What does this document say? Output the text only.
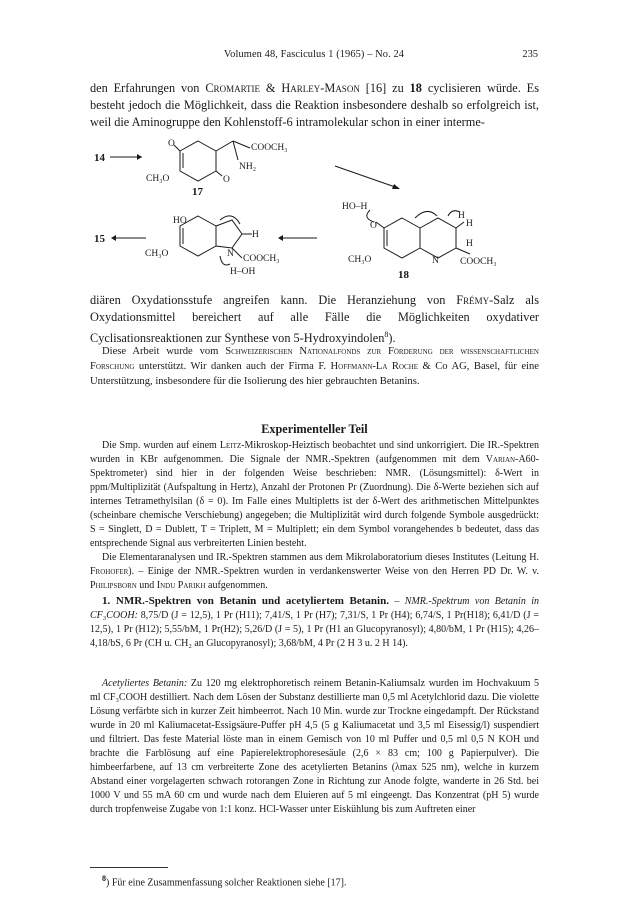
Volumen 48, Fasciculus 1 (1965) – No. 24	235

den Erfahrungen von Cromartie & Harley-Mason [16] zu 18 cyclisieren würde. Es besteht jedoch die Möglichkeit, dass die Reaktion insbesondere deshalb so erfolgreich ist, weil die Aminogruppe den Kohlenstoff-6 intramolekular schon in einer interme-

14
O	COOCH₃
NH₂
O
CH₃O
17
15
HO
CH₃O
H
N COOCH₃
H–OH
HO–H
O
H
H
H
N COOCH₃
CH₃O
18

diären Oxydationsstufe angreifen kann. Die Heranziehung von Frémy-Salz als Oxydationsmittel bereichert auf alle Fälle die Möglichkeiten oxydativer Cyclisationsreaktionen zur Synthese von 5-Hydroxyindolen$^8$).

Diese Arbeit wurde vom Schweizerischen Nationalfonds zur Förderung der wissenschaftlichen Forschung unterstützt. Wir danken auch der Firma F. Hoffmann-La Roche & Co AG, Basel, für eine Unterstützung, insbesondere für die Isolierung des hier gebrauchten Betanins.

Experimenteller Teil

Die Smp. wurden auf einem Leitz-Mikroskop-Heiztisch beobachtet und sind unkorrigiert. Die IR.-Spektren wurden in KBr aufgenommen. Die Signale der NMR.-Spektren (aufgenommen mit dem Varian-A60-Spektrometer) sind hier in der folgenden Weise beschrieben: NMR. (Lösungsmittel): δ-Wert in ppm/Multiplizität (Aufspaltung in Hertz), Anzahl der Protonen Pr (Zuordnung). Die δ-Werte beziehen sich auf internes Tetramethylsilan (δ = 0). Im Falle eines Multipletts ist der δ-Wert des arithmetischen Mittelpunktes (scheinbare chemische Verschiebung) angegeben; die Multiplizität wird durch folgende Symbole ausgedrückt: S = Singlett, D = Dublett, T = Triplett, M = Multiplett; ein dem Symbol vorangehendes b bedeutet, dass das entsprechende Signal aus verbreiterten Linien besteht.

Die Elementaranalysen und IR.-Spektren stammen aus dem Mikrolaboratorium dieses Institutes (Leitung H. Frohofer). – Einige der NMR.-Spektren wurden in verdankenswerter Weise von den Herren PD Dr. W. v. Philipsborn und Indu Parikh aufgenommen.

1. NMR.-Spektren von Betanin und acetyliertem Betanin. – NMR.-Spektrum von Betanin in CF₃COOH: 8,75/D (J = 12,5), 1 Pr (H11); 7,41/S, 1 Pr (H7); 7,31/S, 1 Pr (H4); 6,74/S, 1 Pr(H18); 6,41/D (J = 12,5), 1 Pr (H12); 5,55/bM, 1 Pr(H2); 5,26/D (J = 5), 1 Pr (H1 an Glucopyranosyl); 4,80/bM, 1 Pr (H15); 4,26–4,18/bS, 6 Pr (CH u. CH₂ an Glucopyranosyl); 3,68/bM, 4 Pr (2 H 3 u. 2 H 14).

Acetyliertes Betanin: Zu 120 mg elektrophoretisch reinem Betanin-Kaliumsalz wurden im Hochvakuum 5 ml CF₃COOH destilliert. Nach dem Lösen der Substanz destillierte man 0,5 ml Acetylchlorid dazu. Die violette Lösung verfärbte sich in kurzer Zeit himbeerrot. Nach 10 Min. wurde zur Trockne eingedampft. Der Rückstand wurde in 20 ml Kaliumacetat-Essigsäure-Puffer pH 4,5 (5 g Kaliumacetat und 3,5 ml Eisessig/l) suspendiert und filtriert. Das feste Material löste man in einem Gemisch von 10 ml Puffer und 0,5 ml 0,5 N KOH und brachte die Farblösung auf eine Papierelektrophoresesäule (2,6 × 83 cm; 100 g Papierpulver). Die himbeerfarbene, auf 13 cm verbreiterte Zone des acetylierten Betanins (λmax 525 nm), welche in kurzem Abstand einer vorgelagerten schwach rotorangen Zone in Richtung zur Anode folgte, wanderte in 26 Std. bei 1000 V und 55 mA 60 cm und wurde nach dem Eluieren auf 5 ml eingeengt. Das Konzentrat (pH 5) wurde durch tropfenweise Zugabe von 1:1 konz. HCl-Wasser unter Eiskühlung bis zum Auftreten einer

$^8$) Für eine Zusammenfassung solcher Reaktionen siehe [17].
